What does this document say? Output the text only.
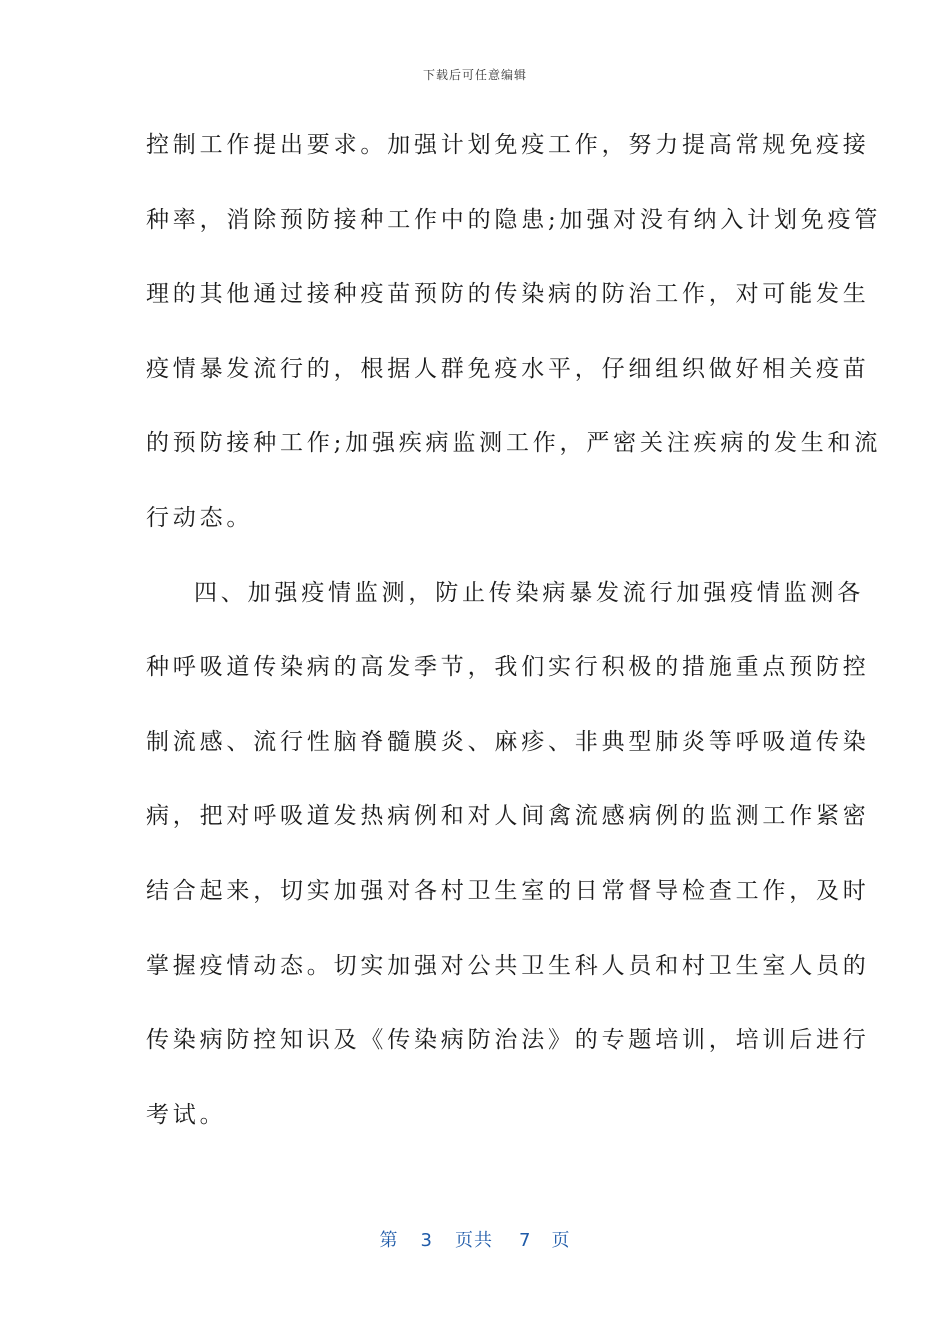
下载后可任意编辑
控制工作提出要求。加强计划免疫工作，努力提高常规免疫接
种率，消除预防接种工作中的隐患;加强对没有纳入计划免疫管
理的其他通过接种疫苗预防的传染病的防治工作，对可能发生
疫情暴发流行的，根据人群免疫水平，仔细组织做好相关疫苗
的预防接种工作;加强疾病监测工作，严密关注疾病的发生和流
行动态。
四、加强疫情监测，防止传染病暴发流行加强疫情监测各
种呼吸道传染病的高发季节，我们实行积极的措施重点预防控
制流感、流行性脑脊髓膜炎、麻疹、非典型肺炎等呼吸道传染
病，把对呼吸道发热病例和对人间禽流感病例的监测工作紧密
结合起来，切实加强对各村卫生室的日常督导检查工作，及时
掌握疫情动态。切实加强对公共卫生科人员和村卫生室人员的
传染病防控知识及《传染病防治法》的专题培训，培训后进行
考试。
第 3 页共 7 页
